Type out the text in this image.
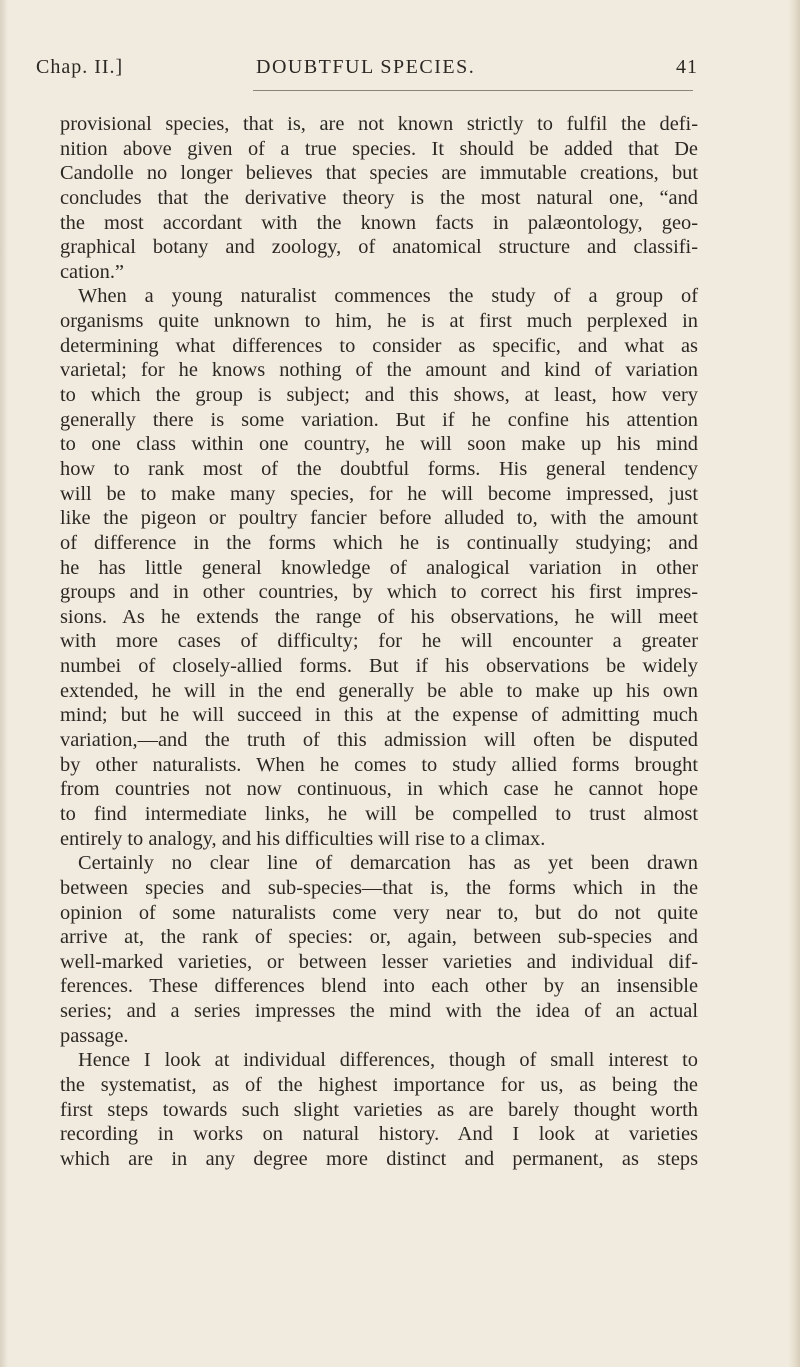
Chap. II.]	DOUBTFUL SPECIES.	41
provisional species, that is, are not known strictly to fulfil the defi-
nition above given of a true species. It should be added that De
Candolle no longer believes that species are immutable creations, but
concludes that the derivative theory is the most natural one, “and
the most accordant with the known facts in palæontology, geo-
graphical botany and zoology, of anatomical structure and classifi-
cation.”
When a young naturalist commences the study of a group of
organisms quite unknown to him, he is at first much perplexed in
determining what differences to consider as specific, and what as
varietal; for he knows nothing of the amount and kind of variation
to which the group is subject; and this shows, at least, how very
generally there is some variation. But if he confine his attention
to one class within one country, he will soon make up his mind
how to rank most of the doubtful forms. His general tendency
will be to make many species, for he will become impressed, just
like the pigeon or poultry fancier before alluded to, with the amount
of difference in the forms which he is continually studying; and
he has little general knowledge of analogical variation in other
groups and in other countries, by which to correct his first impres-
sions. As he extends the range of his observations, he will meet
with more cases of difficulty; for he will encounter a greater
numbei of closely-allied forms. But if his observations be widely
extended, he will in the end generally be able to make up his own
mind; but he will succeed in this at the expense of admitting much
variation,—and the truth of this admission will often be disputed
by other naturalists. When he comes to study allied forms brought
from countries not now continuous, in which case he cannot hope
to find intermediate links, he will be compelled to trust almost
entirely to analogy, and his difficulties will rise to a climax.
Certainly no clear line of demarcation has as yet been drawn
between species and sub-species—that is, the forms which in the
opinion of some naturalists come very near to, but do not quite
arrive at, the rank of species: or, again, between sub-species and
well-marked varieties, or between lesser varieties and individual dif-
ferences. These differences blend into each other by an insensible
series; and a series impresses the mind with the idea of an actual
passage.
Hence I look at individual differences, though of small interest to
the systematist, as of the highest importance for us, as being the
first steps towards such slight varieties as are barely thought worth
recording in works on natural history. And I look at varieties
which are in any degree more distinct and permanent, as steps
